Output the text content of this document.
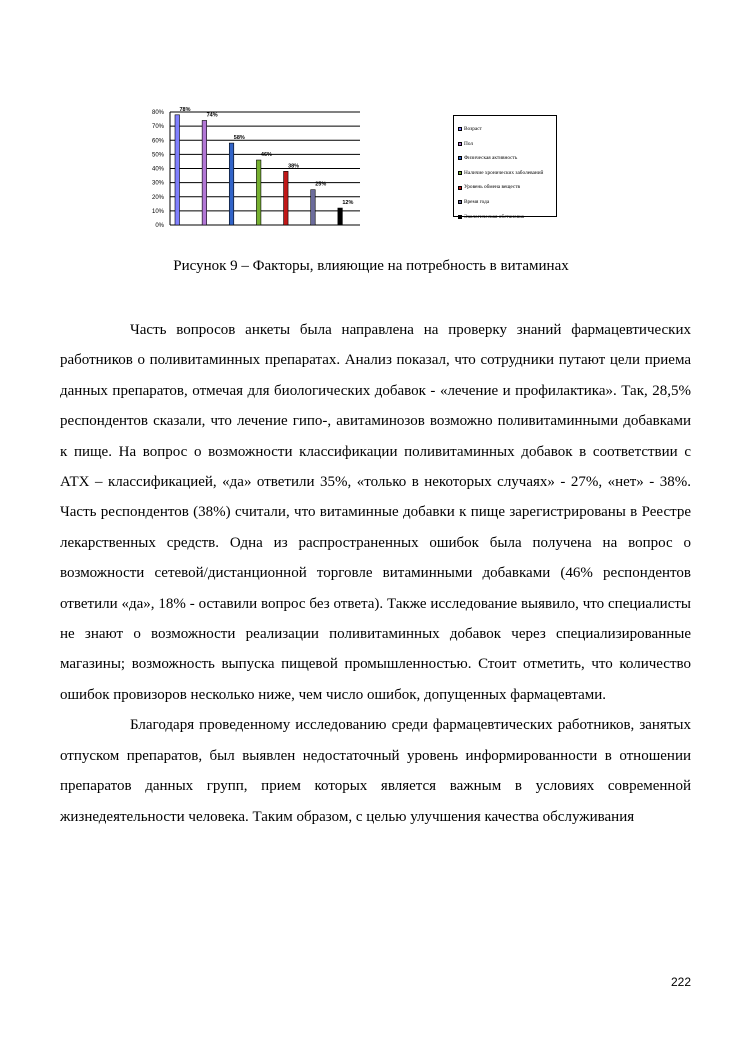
80%
70%
60%
50%
40%
30%
20%
10%
0%
78%
74%
58%
46%
38%
25%
12%
Возраст
Пол
Физическая активность
Наличие хронических заболеваний
Уровень обмена веществ
Время года
Экологическая обстановка
Рисунок 9 – Факторы, влияющие на потребность в витаминах

Часть вопросов анкеты была направлена на проверку знаний фармацевтических работников о поливитаминных препаратах. Анализ показал, что сотрудники путают цели приема данных препаратов, отмечая для биологических добавок - «лечение и профилактика». Так, 28,5% респондентов сказали, что лечение гипо-, авитаминозов возможно поливитаминными добавками к пище. На вопрос о возможности классификации поливитаминных добавок в соответствии с АТХ – классификацией, «да» ответили 35%, «только в некоторых случаях» - 27%, «нет» - 38%. Часть респондентов (38%) считали, что витаминные добавки к пище зарегистрированы в Реестре лекарственных средств. Одна из распространенных ошибок была получена на вопрос о возможности сетевой/дистанционной торговле витаминными добавками (46% респондентов ответили «да», 18% - оставили вопрос без ответа). Также исследование выявило, что специалисты не знают о возможности реализации поливитаминных добавок через специализированные магазины; возможность выпуска пищевой промышленностью. Стоит отметить, что количество ошибок провизоров несколько ниже, чем число ошибок, допущенных фармацевтами.

Благодаря проведенному исследованию среди фармацевтических работников, занятых отпуском препаратов, был выявлен недостаточный уровень информированности в отношении препаратов данных групп, прием которых является важным в условиях современной жизнедеятельности человека. Таким образом, с целью улучшения качества обслуживания

222
